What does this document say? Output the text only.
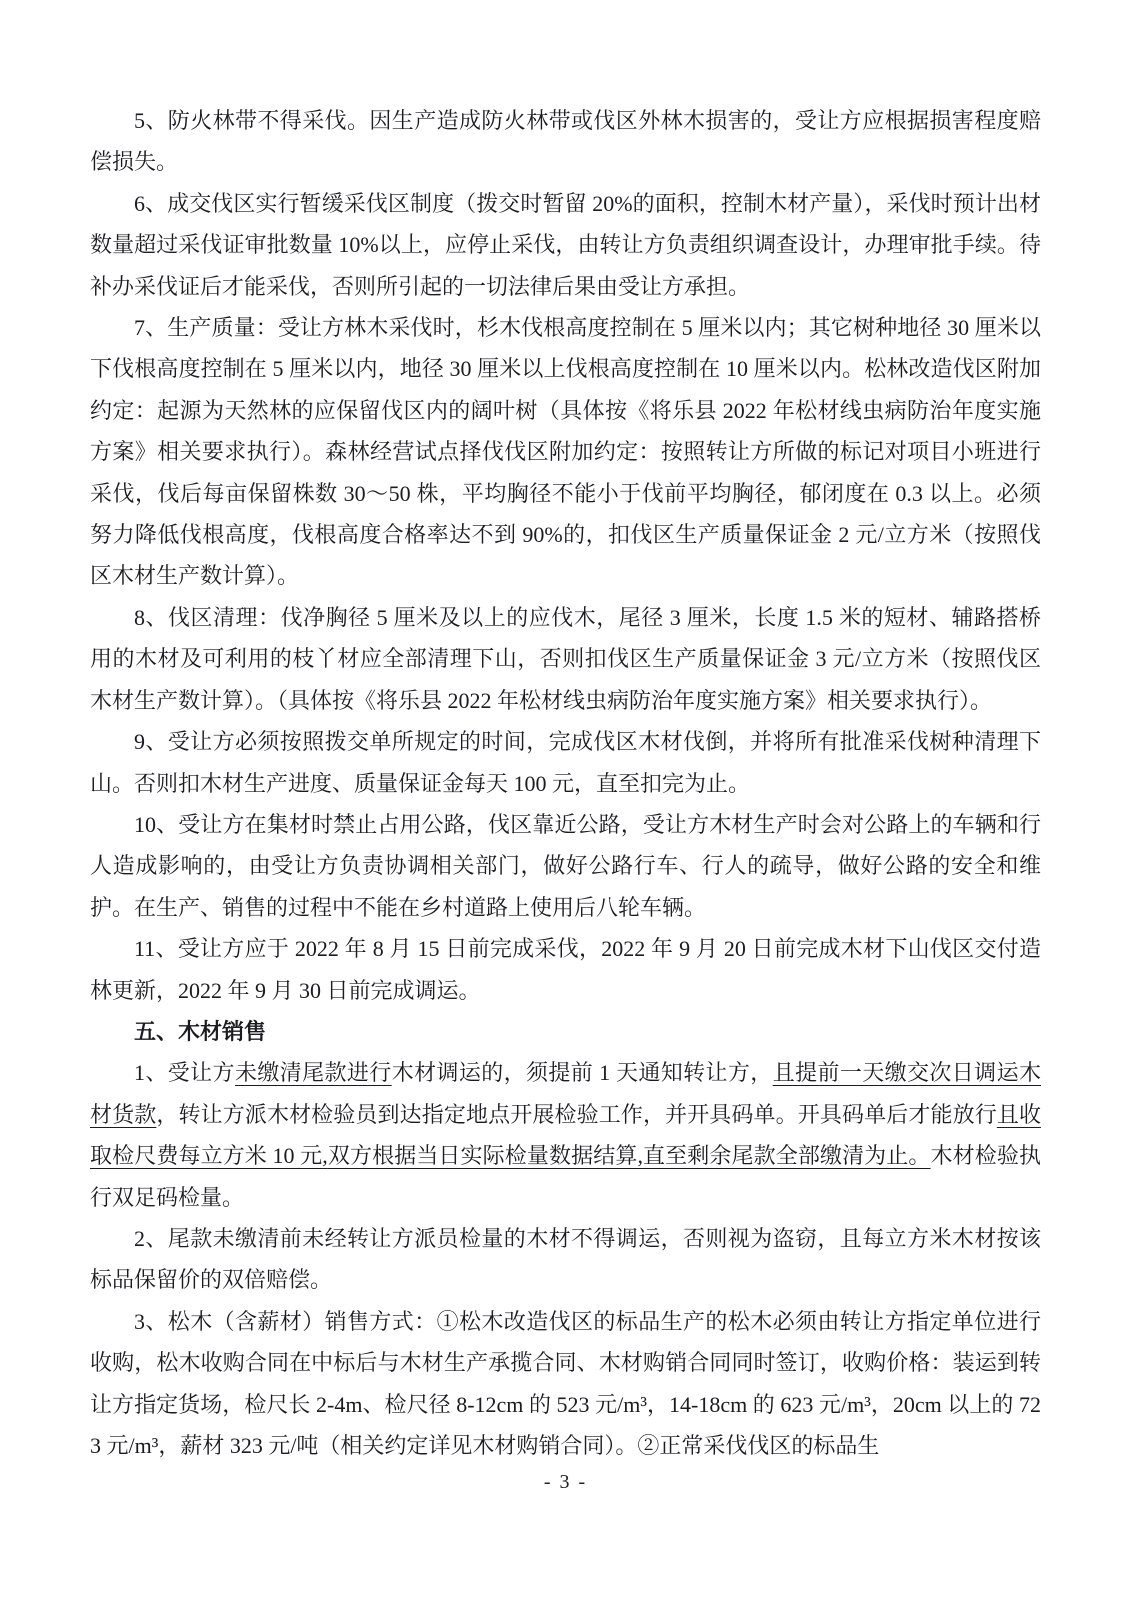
5、防火林带不得采伐。因生产造成防火林带或伐区外林木损害的，受让方应根据损害程度赔偿损失。

6、成交伐区实行暂缓采伐区制度（拨交时暂留 20%的面积，控制木材产量），采伐时预计出材数量超过采伐证审批数量 10%以上，应停止采伐，由转让方负责组织调查设计，办理审批手续。待补办采伐证后才能采伐，否则所引起的一切法律后果由受让方承担。

7、生产质量：受让方林木采伐时，杉木伐根高度控制在 5 厘米以内；其它树种地径 30 厘米以下伐根高度控制在 5 厘米以内，地径 30 厘米以上伐根高度控制在 10 厘米以内。松林改造伐区附加约定：起源为天然林的应保留伐区内的阔叶树（具体按《将乐县 2022 年松材线虫病防治年度实施方案》相关要求执行）。森林经营试点择伐伐区附加约定：按照转让方所做的标记对项目小班进行采伐，伐后每亩保留株数 30～50 株，平均胸径不能小于伐前平均胸径，郁闭度在 0.3 以上。必须努力降低伐根高度，伐根高度合格率达不到 90%的，扣伐区生产质量保证金 2 元/立方米（按照伐区木材生产数计算）。

8、伐区清理：伐净胸径 5 厘米及以上的应伐木，尾径 3 厘米，长度 1.5 米的短材、辅路搭桥用的木材及可利用的枝丫材应全部清理下山，否则扣伐区生产质量保证金 3 元/立方米（按照伐区木材生产数计算）。（具体按《将乐县 2022 年松材线虫病防治年度实施方案》相关要求执行）。

9、受让方必须按照拨交单所规定的时间，完成伐区木材伐倒，并将所有批准采伐树种清理下山。否则扣木材生产进度、质量保证金每天 100 元，直至扣完为止。

10、受让方在集材时禁止占用公路，伐区靠近公路，受让方木材生产时会对公路上的车辆和行人造成影响的，由受让方负责协调相关部门，做好公路行车、行人的疏导，做好公路的安全和维护。在生产、销售的过程中不能在乡村道路上使用后八轮车辆。

11、受让方应于 2022 年 8 月 15 日前完成采伐，2022 年 9 月 20 日前完成木材下山伐区交付造林更新，2022 年 9 月 30 日前完成调运。

五、木材销售

1、受让方未缴清尾款进行木材调运的，须提前 1 天通知转让方，且提前一天缴交次日调运木材货款，转让方派木材检验员到达指定地点开展检验工作，并开具码单。开具码单后才能放行且收取检尺费每立方米 10 元,双方根据当日实际检量数据结算,直至剩余尾款全部缴清为止。木材检验执行双足码检量。

2、尾款未缴清前未经转让方派员检量的木材不得调运，否则视为盗窃，且每立方米木材按该标品保留价的双倍赔偿。

3、松木（含薪材）销售方式：①松木改造伐区的标品生产的松木必须由转让方指定单位进行收购，松木收购合同在中标后与木材生产承揽合同、木材购销合同同时签订，收购价格：装运到转让方指定货场，检尺长 2-4m、检尺径 8-12cm 的 523 元/m³，14-18cm 的 623 元/m³，20cm 以上的 723 元/m³，薪材 323 元/吨（相关约定详见木材购销合同）。②正常采伐伐区的标品生

- 3 -
